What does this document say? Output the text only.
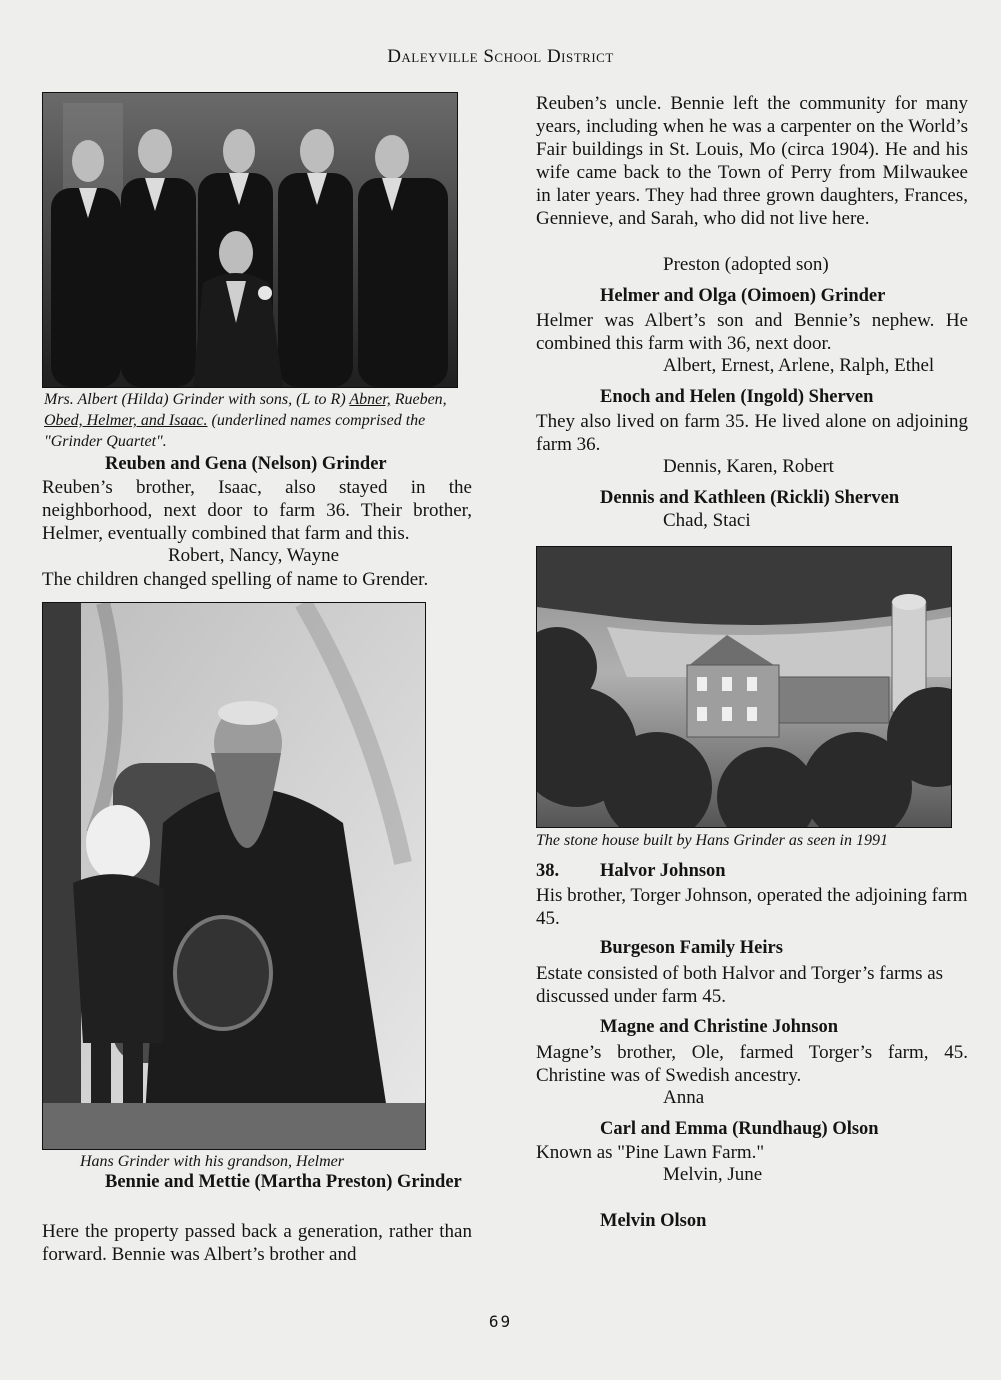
Daleyville School District
Mrs. Albert (Hilda) Grinder with sons, (L to R) Abner, Rueben, Obed, Helmer, and Isaac. (underlined names comprised the "Grinder Quartet".
Reuben and Gena (Nelson) Grinder
Reuben’s brother, Isaac, also stayed in the neighborhood, next door to farm 36. Their brother, Helmer, eventually combined that farm and this.
Robert, Nancy, Wayne
The children changed spelling of name to Grender.
Hans Grinder with his grandson, Helmer
Bennie and Mettie (Martha Preston) Grinder
Here the property passed back a generation, rather than forward. Bennie was Albert’s brother and
Reuben’s uncle. Bennie left the community for many years, including when he was a carpenter on the World’s Fair buildings in St. Louis, Mo (circa 1904). He and his wife came back to the Town of Perry from Milwaukee in later years. They had three grown daughters, Frances, Gennieve, and Sarah, who did not live here.
Preston (adopted son)
Helmer and Olga (Oimoen) Grinder
Helmer was Albert’s son and Bennie’s nephew. He combined this farm with 36, next door.
Albert, Ernest, Arlene, Ralph, Ethel
Enoch and Helen (Ingold) Sherven
They also lived on farm 35. He lived alone on adjoining farm 36.
Dennis, Karen, Robert
Dennis and Kathleen (Rickli) Sherven
Chad, Staci
The stone house built by Hans Grinder as seen in 1991
38. Halvor Johnson
His brother, Torger Johnson, operated the adjoining farm 45.
Burgeson Family Heirs
Estate consisted of both Halvor and Torger’s farms as discussed under farm 45.
Magne and Christine Johnson
Magne’s brother, Ole, farmed Torger’s farm, 45. Christine was of Swedish ancestry.
Anna
Carl and Emma (Rundhaug) Olson
Known as "Pine Lawn Farm."
Melvin, June
Melvin Olson
69
